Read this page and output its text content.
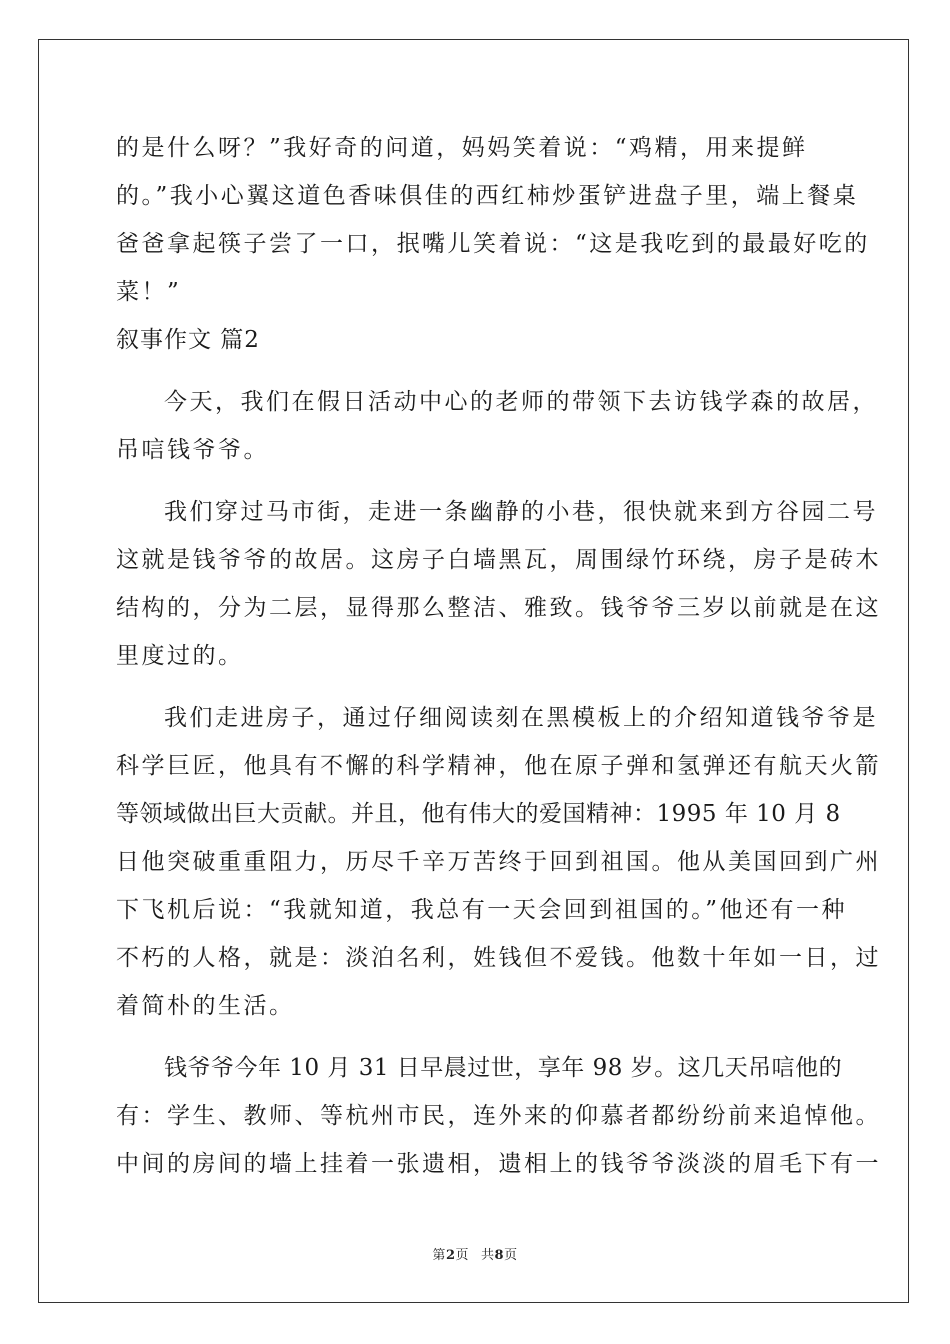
的是什么呀？”我好奇的问道，妈妈笑着说：“鸡精，用来提鲜
的。”我小心翼这道色香味俱佳的西红柿炒蛋铲进盘子里，端上餐桌
爸爸拿起筷子尝了一口，抿嘴儿笑着说：“这是我吃到的最最好吃的
菜！”
叙事作文 篇2
今天，我们在假日活动中心的老师的带领下去访钱学森的故居，
吊唁钱爷爷。
我们穿过马市街，走进一条幽静的小巷，很快就来到方谷园二号
这就是钱爷爷的故居。这房子白墙黑瓦，周围绿竹环绕，房子是砖木
结构的，分为二层，显得那么整洁、雅致。钱爷爷三岁以前就是在这
里度过的。
我们走进房子，通过仔细阅读刻在黑模板上的介绍知道钱爷爷是
科学巨匠，他具有不懈的科学精神，他在原子弹和氢弹还有航天火箭
等领域做出巨大贡献。并且，他有伟大的爱国精神：1995 年 10 月 8
日他突破重重阻力，历尽千辛万苦终于回到祖国。他从美国回到广州
下飞机后说：“我就知道，我总有一天会回到祖国的。”他还有一种
不朽的人格，就是：淡泊名利，姓钱但不爱钱。他数十年如一日，过
着简朴的生活。
钱爷爷今年 10 月 31 日早晨过世，享年 98 岁。这几天吊唁他的
有：学生、教师、等杭州市民，连外来的仰慕者都纷纷前来追悼他。
中间的房间的墙上挂着一张遗相，遗相上的钱爷爷淡淡的眉毛下有一
第2页 共8页
